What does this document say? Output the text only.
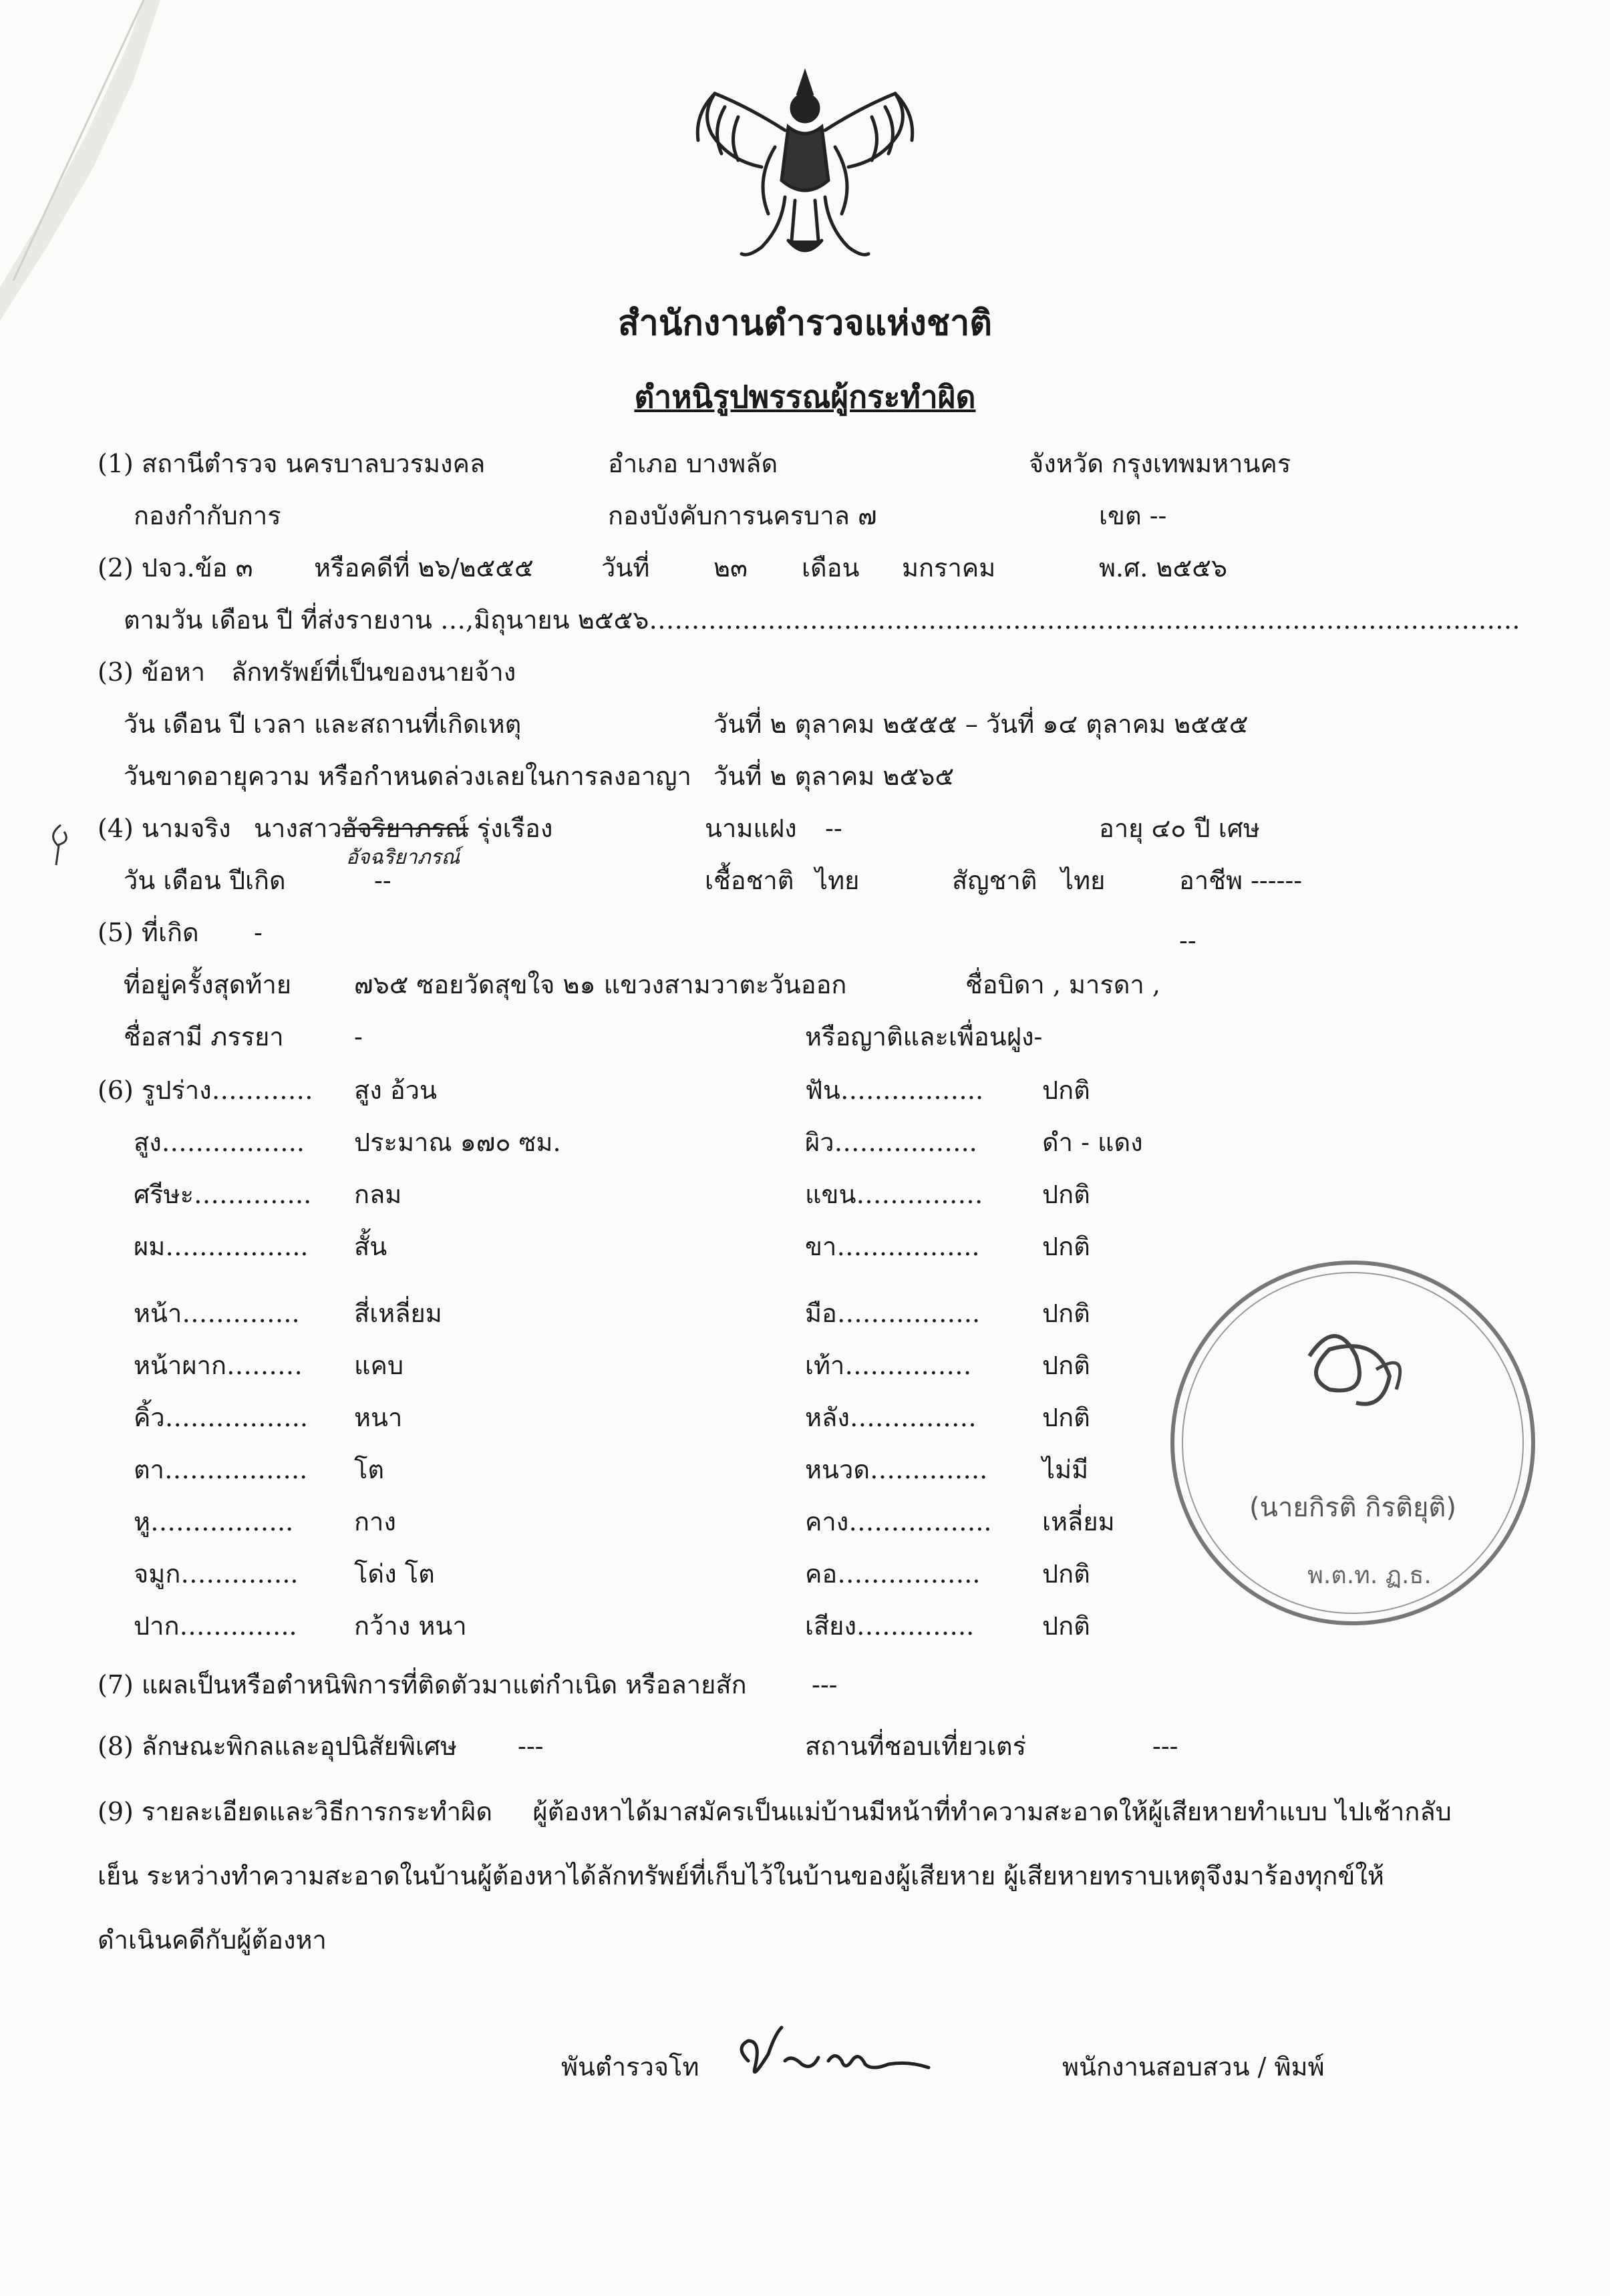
สำนักงานตำรวจแห่งชาติ
ตำหนิรูปพรรณผู้กระทำผิด
(1) สถานีตำรวจ นครบาลบวรมงคล	อำเภอ บางพลัด	จังหวัด กรุงเทพมหานคร
กองกำกับการ	กองบังคับการนครบาล ๗	เขต --
(2) ปจว.ข้อ ๓ หรือคดีที่ ๒๖/๒๕๕๕	วันที่	๒๓ เดือน มกราคม	พ.ศ. ๒๕๕๖
ตามวัน เดือน ปี ที่ส่งรายงาน …,มิถุนายน ๒๕๕๖………………………………………………………………………………………….
(3) ข้อหา ลักทรัพย์ที่เป็นของนายจ้าง
วัน เดือน ปี เวลา และสถานที่เกิดเหตุ	วันที่ ๒ ตุลาคม ๒๕๕๕ – วันที่ ๑๔ ตุลาคม ๒๕๕๕
วันขาดอายุความ หรือกำหนดล่วงเลยในการลงอาญา วันที่ ๒ ตุลาคม ๒๕๖๕
(4) นามจริง นางสาวอัจริยาภรณ์ รุ่งเรือง
อัจฉริยาภรณ์
นามแฝง --	อายุ ๔๐ ปี เศษ
วัน เดือน ปีเกิด	--	เชื้อชาติ ไทย	สัญชาติ ไทย	อาชีพ ------
(5) ที่เกิด -	--
ที่อยู่ครั้งสุดท้าย ๗๖๕ ซอยวัดสุขใจ ๒๑ แขวงสามวาตะวันออก	ชื่อบิดา , มารดา ,
ชื่อสามี ภรรยา	-	หรือญาติและเพื่อนฝูง-
(6) รูปร่าง………… สูง อ้วน	ฟัน…………….. ปกติ
สูง…………….. ประมาณ ๑๗๐ ซม.	ผิว……………..	ดำ - แดง
ศรีษะ………….. กลม	แขน…………… ปกติ
ผม…………….. สั้น	ขา…………….. ปกติ
หน้า………….. สี่เหลี่ยม	มือ…………….. ปกติ
หน้าผาก……… แคบ	เท้า……………	ปกติ
คิ้ว…………….. หนา	หลัง……………	ปกติ
ตา…………….. โต	หนวด………….. ไม่มี
หู…………….. กาง	คาง…………….. เหลี่ยม
จมูก………….. โด่ง โต	คอ…………….. ปกติ
ปาก………….. กว้าง หนา	เสียง…………..	ปกติ
(7) แผลเป็นหรือตำหนิพิการที่ติดตัวมาแต่กำเนิด หรือลายสัก	---
(8) ลักษณะพิกลและอุปนิสัยพิเศษ ---	สถานที่ชอบเที่ยวเตร่	---
(9) รายละเอียดและวิธีการกระทำผิด ผู้ต้องหาได้มาสมัครเป็นแม่บ้านมีหน้าที่ทำความสะอาดให้ผู้เสียหายทำแบบ ไปเช้ากลับเย็น ระหว่างทำความสะอาดในบ้านผู้ต้องหาได้ลักทรัพย์ที่เก็บไว้ในบ้านของผู้เสียหาย ผู้เสียหายทราบเหตุจึงมาร้องทุกข์ให้ดำเนินคดีกับผู้ต้องหา
(นายกิรติ กิรติยุติ)
พ.ต.ท. ฏ.ธ.
พันตำรวจโท	พนักงานสอบสวน / พิมพ์
